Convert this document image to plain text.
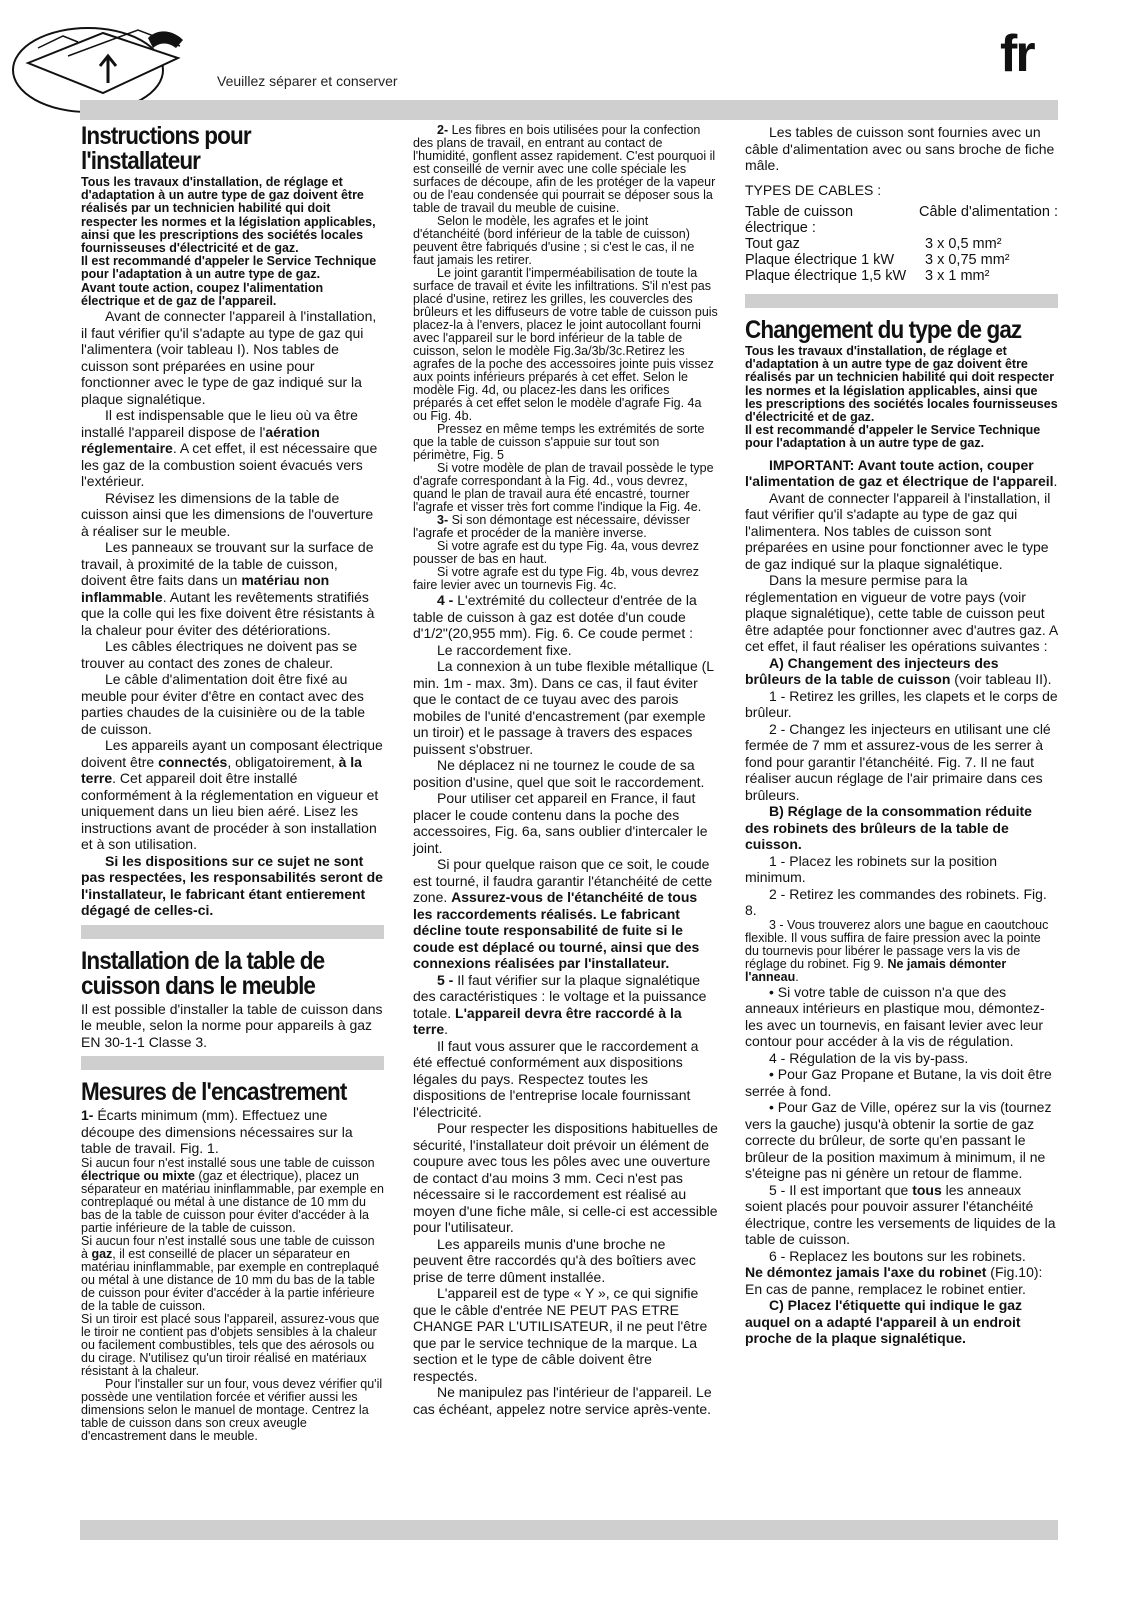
Veuillez séparer et conserver	fr
Instructions pour l'installateur

Tous les travaux d'installation, de réglage et d'adaptation à un autre type de gaz doivent être réalisés par un technicien habilité qui doit respecter les normes et la législation applicables, ainsi que les prescriptions des sociétés locales fournisseuses d'électricité et de gaz.

Il est recommandé d'appeler le Service Technique pour l'adaptation à un autre type de gaz.

Avant toute action, coupez l'alimentation électrique et de gaz de l'appareil.

Avant de connecter l'appareil à l'installation, il faut vérifier qu'il s'adapte au type de gaz qui l'alimentera (voir tableau I). Nos tables de cuisson sont préparées en usine pour fonctionner avec le type de gaz indiqué sur la plaque signalétique.

Il est indispensable que le lieu où va être installé l'appareil dispose de l'aération réglementaire. A cet effet, il est nécessaire que les gaz de la combustion soient évacués vers l'extérieur.

Révisez les dimensions de la table de cuisson ainsi que les dimensions de l'ouverture à réaliser sur le meuble.

Les panneaux se trouvant sur la surface de travail, à proximité de la table de cuisson, doivent être faits dans un matériau non inflammable. Autant les revêtements stratifiés que la colle qui les fixe doivent être résistants à la chaleur pour éviter des détériorations.

Les câbles électriques ne doivent pas se trouver au contact des zones de chaleur.

Le câble d'alimentation doit être fixé au meuble pour éviter d'être en contact avec des parties chaudes de la cuisinière ou de la table de cuisson.

Les appareils ayant un composant électrique doivent être connectés, obligatoirement, à la terre. Cet appareil doit être installé conformément à la réglementation en vigueur et uniquement dans un lieu bien aéré. Lisez les instructions avant de procéder à son installation et à son utilisation.

Si les dispositions sur ce sujet ne sont pas respectées, les responsabilités seront de l'installateur, le fabricant étant entierement dégagé de celles-ci.

Installation de la table de cuisson dans le meuble

Il est possible d'installer la table de cuisson dans le meuble, selon la norme pour appareils à gaz EN 30-1-1 Classe 3.

Mesures de l'encastrement

1- Écarts minimum (mm). Effectuez une découpe des dimensions nécessaires sur la table de travail. Fig. 1.

Si aucun four n'est installé sous une table de cuisson électrique ou mixte (gaz et électrique), placez un séparateur en matériau ininflammable, par exemple en contreplaqué ou métal à une distance de 10 mm du bas de la table de cuisson pour éviter d'accéder à la partie inférieure de la table de cuisson.

Si aucun four n'est installé sous une table de cuisson à gaz, il est conseillé de placer un séparateur en matériau ininflammable, par exemple en contreplaqué ou métal à une distance de 10 mm du bas de la table de cuisson pour éviter d'accéder à la partie inférieure de la table de cuisson.

Si un tiroir est placé sous l'appareil, assurez-vous que le tiroir ne contient pas d'objets sensibles à la chaleur ou facilement combustibles, tels que des aérosols ou du cirage. N'utilisez qu'un tiroir réalisé en matériaux résistant à la chaleur.

Pour l'installer sur un four, vous devez vérifier qu'il possède une ventilation forcée et vérifier aussi les dimensions selon le manuel de montage. Centrez la table de cuisson dans son creux aveugle d'encastrement dans le meuble.

2- Les fibres en bois utilisées pour la confection des plans de travail, en entrant au contact de l'humidité, gonflent assez rapidement. C'est pourquoi il est conseillé de vernir avec une colle spéciale les surfaces de découpe, afin de les protéger de la vapeur ou de l'eau condensée qui pourrait se déposer sous la table de travail du meuble de cuisine.

Selon le modèle, les agrafes et le joint d'étanchéité (bord inférieur de la table de cuisson) peuvent être fabriqués d'usine ; si c'est le cas, il ne faut jamais les retirer.

Le joint garantit l'imperméabilisation de toute la surface de travail et évite les infiltrations. S'il n'est pas placé d'usine, retirez les grilles, les couvercles des brûleurs et les diffuseurs de votre table de cuisson puis placez-la à l'envers, placez le joint autocollant fourni avec l'appareil sur le bord inférieur de la table de cuisson, selon le modèle Fig.3a/3b/3c.Retirez les agrafes de la poche des accessoires jointe puis vissez aux points inférieurs préparés à cet effet. Selon le modèle Fig. 4d, ou placez-les dans les orifices préparés à cet effet selon le modèle d'agrafe Fig. 4a ou Fig. 4b.

Pressez en même temps les extrémités de sorte que la table de cuisson s'appuie sur tout son périmètre, Fig. 5

Si votre modèle de plan de travail possède le type d'agrafe correspondant à la Fig. 4d., vous devrez, quand le plan de travail aura été encastré, tourner l'agrafe et visser très fort comme l'indique la Fig. 4e.

3- Si son démontage est nécessaire, dévisser l'agrafe et procéder de la manière inverse.

Si votre agrafe est du type Fig. 4a, vous devrez pousser de bas en haut.

Si votre agrafe est du type Fig. 4b, vous devrez faire levier avec un tournevis Fig. 4c.

4 - L'extrémité du collecteur d'entrée de la table de cuisson à gaz est dotée d'un coude d'1/2"(20,955 mm). Fig. 6. Ce coude permet :

Le raccordement fixe.

La connexion à un tube flexible métallique (L min. 1m - max. 3m). Dans ce cas, il faut éviter que le contact de ce tuyau avec des parois mobiles de l'unité d'encastrement (par exemple un tiroir) et le passage à travers des espaces puissent s'obstruer.

Ne déplacez ni ne tournez le coude de sa position d'usine, quel que soit le raccordement.

Pour utiliser cet appareil en France, il faut placer le coude contenu dans la poche des accessoires, Fig. 6a, sans oublier d'intercaler le joint.

Si pour quelque raison que ce soit, le coude est tourné, il faudra garantir l'étanchéité de cette zone. Assurez-vous de l'étanchéité de tous les raccordements réalisés. Le fabricant décline toute responsabilité de fuite si le coude est déplacé ou tourné, ainsi que des connexions réalisées par l'installateur.

5 - Il faut vérifier sur la plaque signalétique des caractéristiques : le voltage et la puissance totale. L'appareil devra être raccordé à la terre.

Il faut vous assurer que le raccordement a été effectué conformément aux dispositions légales du pays. Respectez toutes les dispositions de l'entreprise locale fournissant l'électricité.

Pour respecter les dispositions habituelles de sécurité, l'installateur doit prévoir un élément de coupure avec tous les pôles avec une ouverture de contact d'au moins 3 mm. Ceci n'est pas nécessaire si le raccordement est réalisé au moyen d'une fiche mâle, si celle-ci est accessible pour l'utilisateur.

Les appareils munis d'une broche ne peuvent être raccordés qu'à des boîtiers avec prise de terre dûment installée.

L'appareil est de type « Y », ce qui signifie que le câble d'entrée NE PEUT PAS ETRE CHANGE PAR L'UTILISATEUR, il ne peut l'être que par le service technique de la marque. La section et le type de câble doivent être respectés.

Ne manipulez pas l'intérieur de l'appareil. Le cas échéant, appelez notre service après-vente.

Les tables de cuisson sont fournies avec un câble d'alimentation avec ou sans broche de fiche mâle.

TYPES DE CABLES :

Table de cuisson électrique :	Câble d'alimentation :
Tout gaz	3 x 0,5 mm²
Plaque électrique 1 kW	3 x 0,75 mm²
Plaque électrique 1,5 kW	3 x 1 mm²
Changement du type de gaz

Tous les travaux d'installation, de réglage et d'adaptation à un autre type de gaz doivent être réalisés par un technicien habilité qui doit respecter les normes et la législation applicables, ainsi que les prescriptions des sociétés locales fournisseuses d'électricité et de gaz.

Il est recommandé d'appeler le Service Technique pour l'adaptation à un autre type de gaz.

IMPORTANT: Avant toute action, couper l'alimentation de gaz et électrique de l'appareil.

Avant de connecter l'appareil à l'installation, il faut vérifier qu'il s'adapte au type de gaz qui l'alimentera. Nos tables de cuisson sont préparées en usine pour fonctionner avec le type de gaz indiqué sur la plaque signalétique.

Dans la mesure permise para la réglementation en vigueur de votre pays (voir plaque signalétique), cette table de cuisson peut être adaptée pour fonctionner avec d'autres gaz. A cet effet, il faut réaliser les opérations suivantes :

A) Changement des injecteurs des brûleurs de la table de cuisson (voir tableau II).

1 - Retirez les grilles, les clapets et le corps de brûleur.

2 - Changez les injecteurs en utilisant une clé fermée de 7 mm et assurez-vous de les serrer à fond pour garantir l'étanchéité. Fig. 7. Il ne faut réaliser aucun réglage de l'air primaire dans ces brûleurs.

B) Réglage de la consommation réduite des robinets des brûleurs de la table de cuisson.

1 - Placez les robinets sur la position minimum.

2 - Retirez les commandes des robinets. Fig. 8.

3 - Vous trouverez alors une bague en caoutchouc flexible. Il vous suffira de faire pression avec la pointe du tournevis pour libérer le passage vers la vis de réglage du robinet. Fig 9. Ne jamais démonter l'anneau.

• Si votre table de cuisson n'a que des anneaux intérieurs en plastique mou, démontez-les avec un tournevis, en faisant levier avec leur contour pour accéder à la vis de régulation.

4 - Régulation de la vis by-pass.

• Pour Gaz Propane et Butane, la vis doit être serrée à fond.

• Pour Gaz de Ville, opérez sur la vis (tournez vers la gauche) jusqu'à obtenir la sortie de gaz correcte du brûleur, de sorte qu'en passant le brûleur de la position maximum à minimum, il ne s'éteigne pas ni génère un retour de flamme.

5 - Il est important que tous les anneaux soient placés pour pouvoir assurer l'étanchéité électrique, contre les versements de liquides de la table de cuisson.

6 - Replacez les boutons sur les robinets.

Ne démontez jamais l'axe du robinet (Fig.10): En cas de panne, remplacez le robinet entier.

C) Placez l'étiquette qui indique le gaz auquel on a adapté l'appareil à un endroit proche de la plaque signalétique.
